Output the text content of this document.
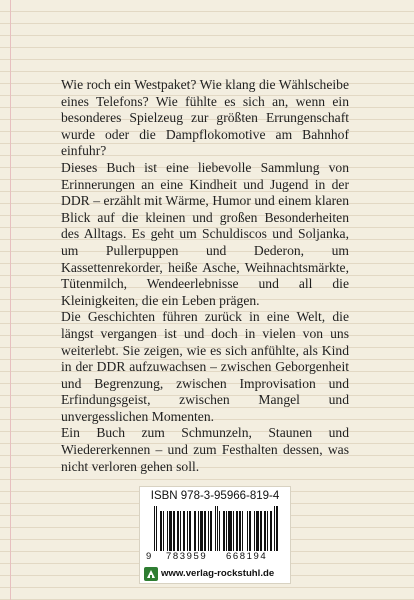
Wie roch ein Westpaket? Wie klang die Wählscheibe eines Telefons? Wie fühlte es sich an, wenn ein besonderes Spielzeug zur größten Errungenschaft wurde oder die Dampflokomotive am Bahnhof einfuhr?

Dieses Buch ist eine liebevolle Sammlung von Erinnerungen an eine Kindheit und Jugend in der DDR – erzählt mit Wärme, Humor und einem klaren Blick auf die kleinen und großen Besonderheiten des Alltags. Es geht um Schuldiscos und Soljanka, um Pullerpuppen und Dederon, um Kassettenrekorder, heiße Asche, Weihnachtsmärkte, Tütenmilch, Wendeerlebnisse und all die Kleinigkeiten, die ein Leben prägen.

Die Geschichten führen zurück in eine Welt, die längst vergangen ist und doch in vielen von uns weiterlebt. Sie zeigen, wie es sich anfühlte, als Kind in der DDR aufzuwachsen – zwischen Geborgenheit und Begrenzung, zwischen Improvisation und Erfindungsgeist, zwischen Mangel und unvergesslichen Momenten.

Ein Buch zum Schmunzeln, Staunen und Wiedererkennen – und zum Festhalten dessen, was nicht verloren gehen soll.

ISBN 978-3-95966-819-4
9 783959 668194
www.verlag-rockstuhl.de
